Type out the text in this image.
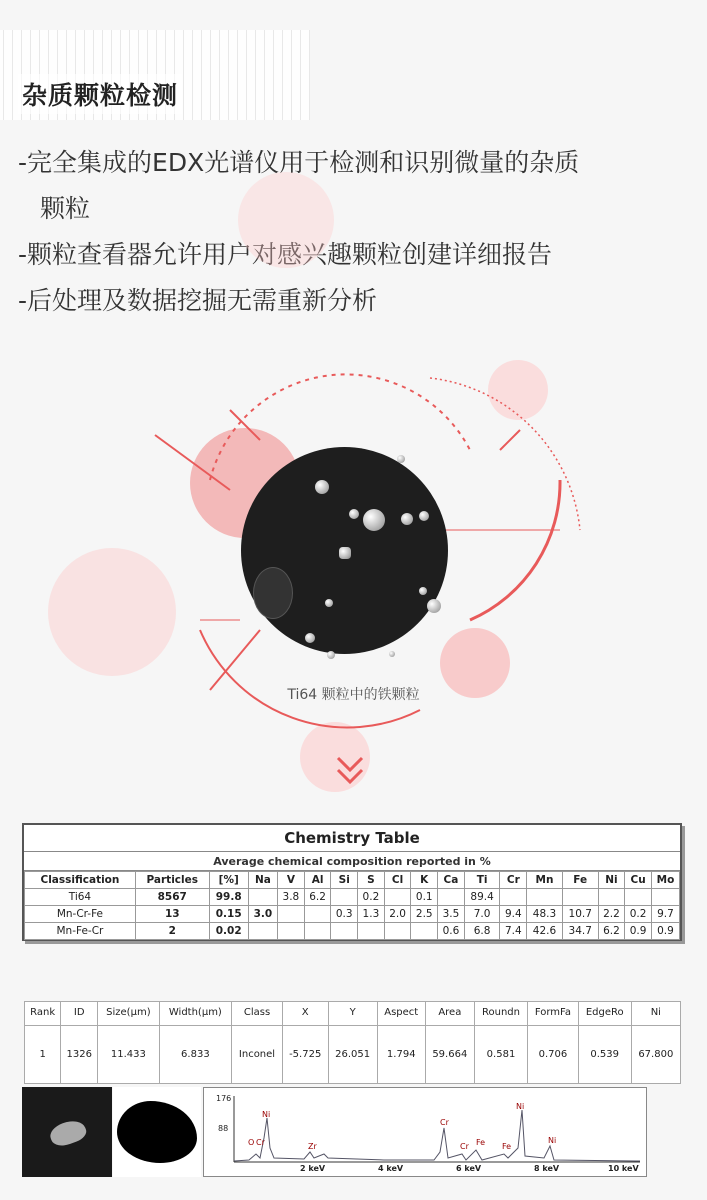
杂质颗粒检测
-完全集成的EDX光谱仪用于检测和识别微量的杂质
颗粒
-颗粒查看器允许用户对感兴趣颗粒创建详细报告
-后处理及数据挖掘无需重新分析
Ti64 颗粒中的铁颗粒
Chemistry Table
Average chemical composition reported in %
Classification	Particles	[%]	Na	V	Al	Si	S	Cl	K	Ca	Ti	Cr	Mn	Fe	Ni	Cu	Mo
Ti64	8567	99.8		3.8	6.2		0.2		0.1		89.4						
Mn-Cr-Fe	13	0.15	3.0			0.3	1.3	2.0	2.5	3.5	7.0	9.4	48.3	10.7	2.2	0.2	9.7
Mn-Fe-Cr	2	0.02								0.6	6.8	7.4	42.6	34.7	6.2	0.9	0.9
Rank	ID	Size(µm)	Width(µm)	Class	X	Y	Aspect	Area	Roundn	FormFa	EdgeRo	Ni
1	1326	11.433	6.833	Inconel	-5.725	26.051	1.794	59.664	0.581	0.706	0.539	67.800
176
88
2 keV	4 keV	6 keV	8 keV	10 keV
Ni
O Cr	Zr
Cr
Cr Fe Fe
Ni
Ni
